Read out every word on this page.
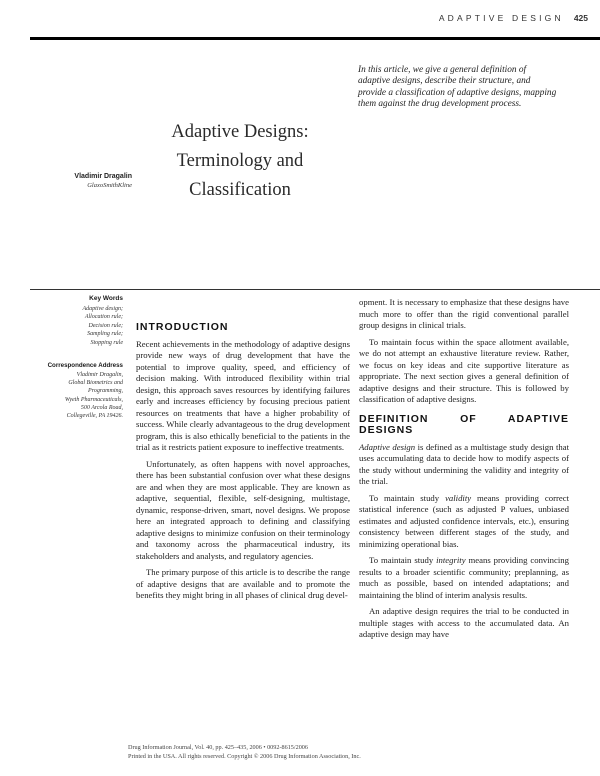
ADAPTIVE DESIGN 425
In this article, we give a general definition of adaptive designs, describe their structure, and provide a classification of adaptive designs, mapping them against the drug development process.
Adaptive Designs:
Terminology and
Classification
Vladimir Dragalin
GlaxoSmithKline
Key Words
Adaptive design;
Allocation rule;
Decision rule;
Sampling rule;
Stopping rule
Correspondence Address
Vladimir Dragalin,
Global Biometrics and
Programming,
Wyeth Pharmaceuticals,
500 Arcola Road,
Collegeville, PA 19426.
INTRODUCTION

Recent achievements in the methodology of adaptive designs provide new ways of drug development that have the potential to improve quality, speed, and efficiency of decision making. With introduced flexibility within trial design, this approach saves resources by identifying failures early and increases efficiency by focusing precious patient resources on treatments that have a higher probability of success. While clearly advantageous to the drug development program, this is also ethically beneficial to the patients in the trial as it restricts patient exposure to ineffective treatments.

Unfortunately, as often happens with novel approaches, there has been substantial confusion over what these designs are and when they are most applicable. They are known as adaptive, sequential, flexible, self-designing, multistage, dynamic, response-driven, smart, novel designs. We propose here an integrated approach to defining and classifying adaptive designs to minimize confusion on their terminology and taxonomy across the pharmaceutical industry, its stakeholders and analysts, and regulatory agencies.

The primary purpose of this article is to describe the range of adaptive designs that are available and to promote the benefits they might bring in all phases of clinical drug devel-

opment. It is necessary to emphasize that these designs have much more to offer than the rigid conventional parallel group designs in clinical trials.

To maintain focus within the space allotment available, we do not attempt an exhaustive literature review. Rather, we focus on key ideas and cite supportive literature as appropriate. The next section gives a general definition of adaptive designs and their structure. This is followed by classification of adaptive designs.

DEFINITION OF ADAPTIVE DESIGNS

Adaptive design is defined as a multistage study design that uses accumulating data to decide how to modify aspects of the study without undermining the validity and integrity of the trial.

To maintain study validity means providing correct statistical inference (such as adjusted P values, unbiased estimates and adjusted confidence intervals, etc.), ensuring consistency between different stages of the study, and minimizing operational bias.

To maintain study integrity means providing convincing results to a broader scientific community; preplanning, as much as possible, based on intended adaptations; and maintaining the blind of interim analysis results.

An adaptive design requires the trial to be conducted in multiple stages with access to the accumulated data. An adaptive design may have

Drug Information Journal, Vol. 40, pp. 425–435, 2006 • 0092-8615/2006
Printed in the USA. All rights reserved. Copyright © 2006 Drug Information Association, Inc.
